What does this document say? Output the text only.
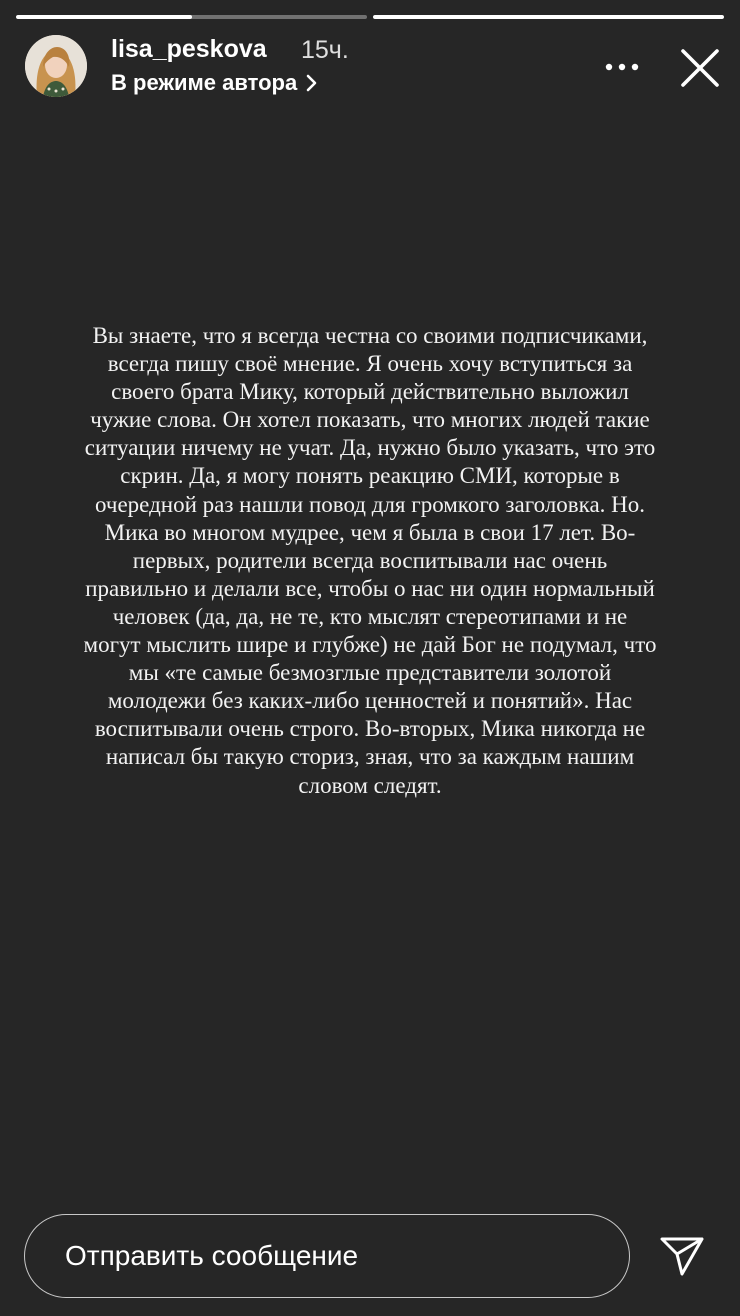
lisa_peskova 15ч.
В режиме автора
Вы знаете, что я всегда честна со своими подписчиками,
всегда пишу своё мнение. Я очень хочу вступиться за
своего брата Мику, который действительно выложил
чужие слова. Он хотел показать, что многих людей такие
ситуации ничему не учат. Да, нужно было указать, что это
скрин. Да, я могу понять реакцию СМИ, которые в
очередной раз нашли повод для громкого заголовка. Но.
Мика во многом мудрее, чем я была в свои 17 лет. Во-
первых, родители всегда воспитывали нас очень
правильно и делали все, чтобы о нас ни один нормальный
человек (да, да, не те, кто мыслят стереотипами и не
могут мыслить шире и глубже) не дай Бог не подумал, что
мы «те самые безмозглые представители золотой
молодежи без каких-либо ценностей и понятий». Нас
воспитывали очень строго. Во-вторых, Мика никогда не
написал бы такую сториз, зная, что за каждым нашим
словом следят.
Отправить сообщение
